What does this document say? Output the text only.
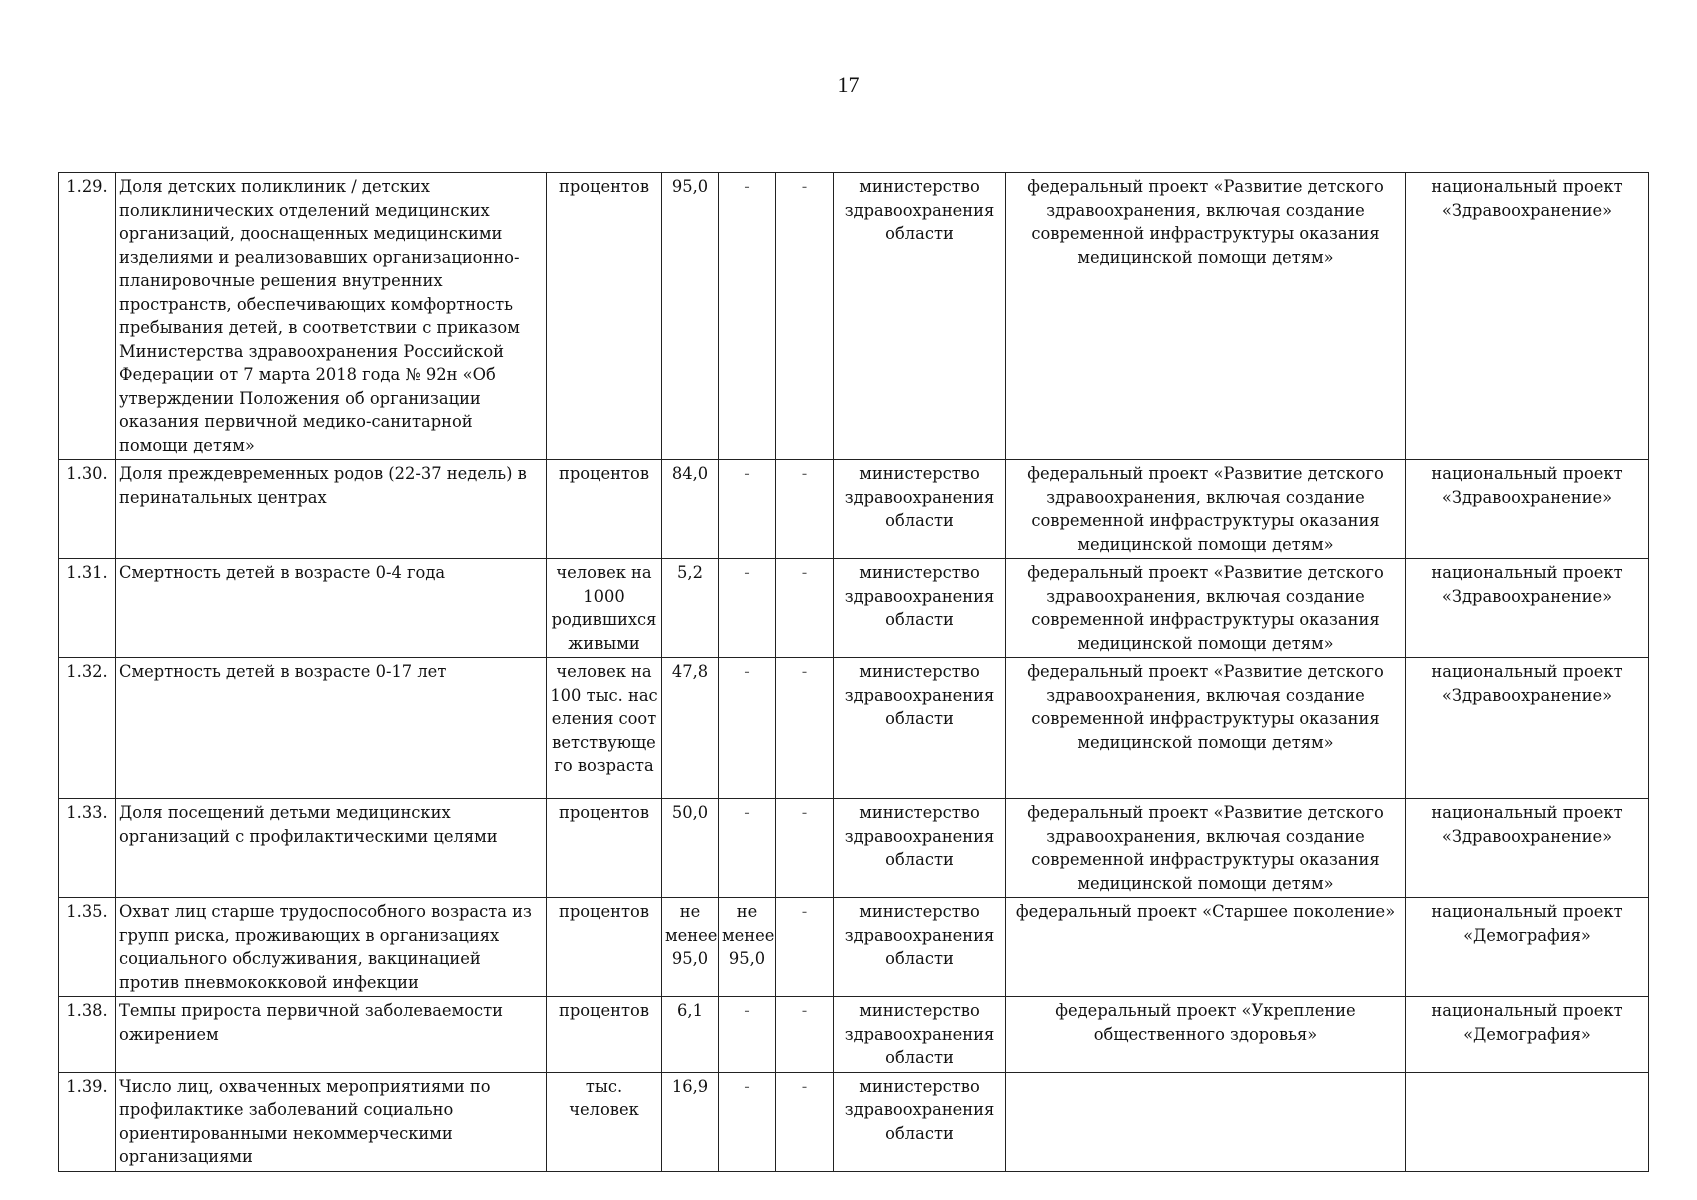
17
1.29.	Доля детских поликлиник / детских поликлинических отделений медицинских организаций, дооснащенных медицинскими изделиями и реализовавших организационно-планировочные решения внутренних пространств, обеспечивающих комфортность пребывания детей, в соответствии с приказом Министерства здравоохранения Российской Федерации от 7 марта 2018 года № 92н «Об утверждении Положения об организации оказания первичной медико-санитарной помощи детям»	процентов	95,0	-	-	министерство здравоохранения области	федеральный проект «Развитие детского здравоохранения, включая создание современной инфраструктуры оказания медицинской помощи детям»	национальный проект «Здравоохранение»
1.30.	Доля преждевременных родов (22-37 недель) в перинатальных центрах	процентов	84,0	-	-	министерство здравоохранения области	федеральный проект «Развитие детского здравоохранения, включая создание современной инфраструктуры оказания медицинской помощи детям»	национальный проект «Здравоохранение»
1.31.	Смертность детей в возрасте 0-4 года	человек на 1000 родившихся живыми	5,2	-	-	министерство здравоохранения области	федеральный проект «Развитие детского здравоохранения, включая создание современной инфраструктуры оказания медицинской помощи детям»	национальный проект «Здравоохранение»
1.32.	Смертность детей в возрасте 0-17 лет	человек на 100 тыс. населения соответствующего возраста	47,8	-	-	министерство здравоохранения области	федеральный проект «Развитие детского здравоохранения, включая создание современной инфраструктуры оказания медицинской помощи детям»	национальный проект «Здравоохранение»
1.33.	Доля посещений детьми медицинских организаций с профилактическими целями	процентов	50,0	-	-	министерство здравоохранения области	федеральный проект «Развитие детского здравоохранения, включая создание современной инфраструктуры оказания медицинской помощи детям»	национальный проект «Здравоохранение»
1.35.	Охват лиц старше трудоспособного возраста из групп риска, проживающих в организациях социального обслуживания, вакцинацией против пневмококковой инфекции	процентов	не менее 95,0	не менее 95,0	-	министерство здравоохранения области	федеральный проект «Старшее поколение»	национальный проект «Демография»
1.38.	Темпы прироста первичной заболеваемости ожирением	процентов	6,1	-	-	министерство здравоохранения области	федеральный проект «Укрепление общественного здоровья»	национальный проект «Демография»
1.39.	Число лиц, охваченных мероприятиями по профилактике заболеваний социально ориентированными некоммерческими организациями	тыс. человек	16,9	-	-	министерство здравоохранения области		
